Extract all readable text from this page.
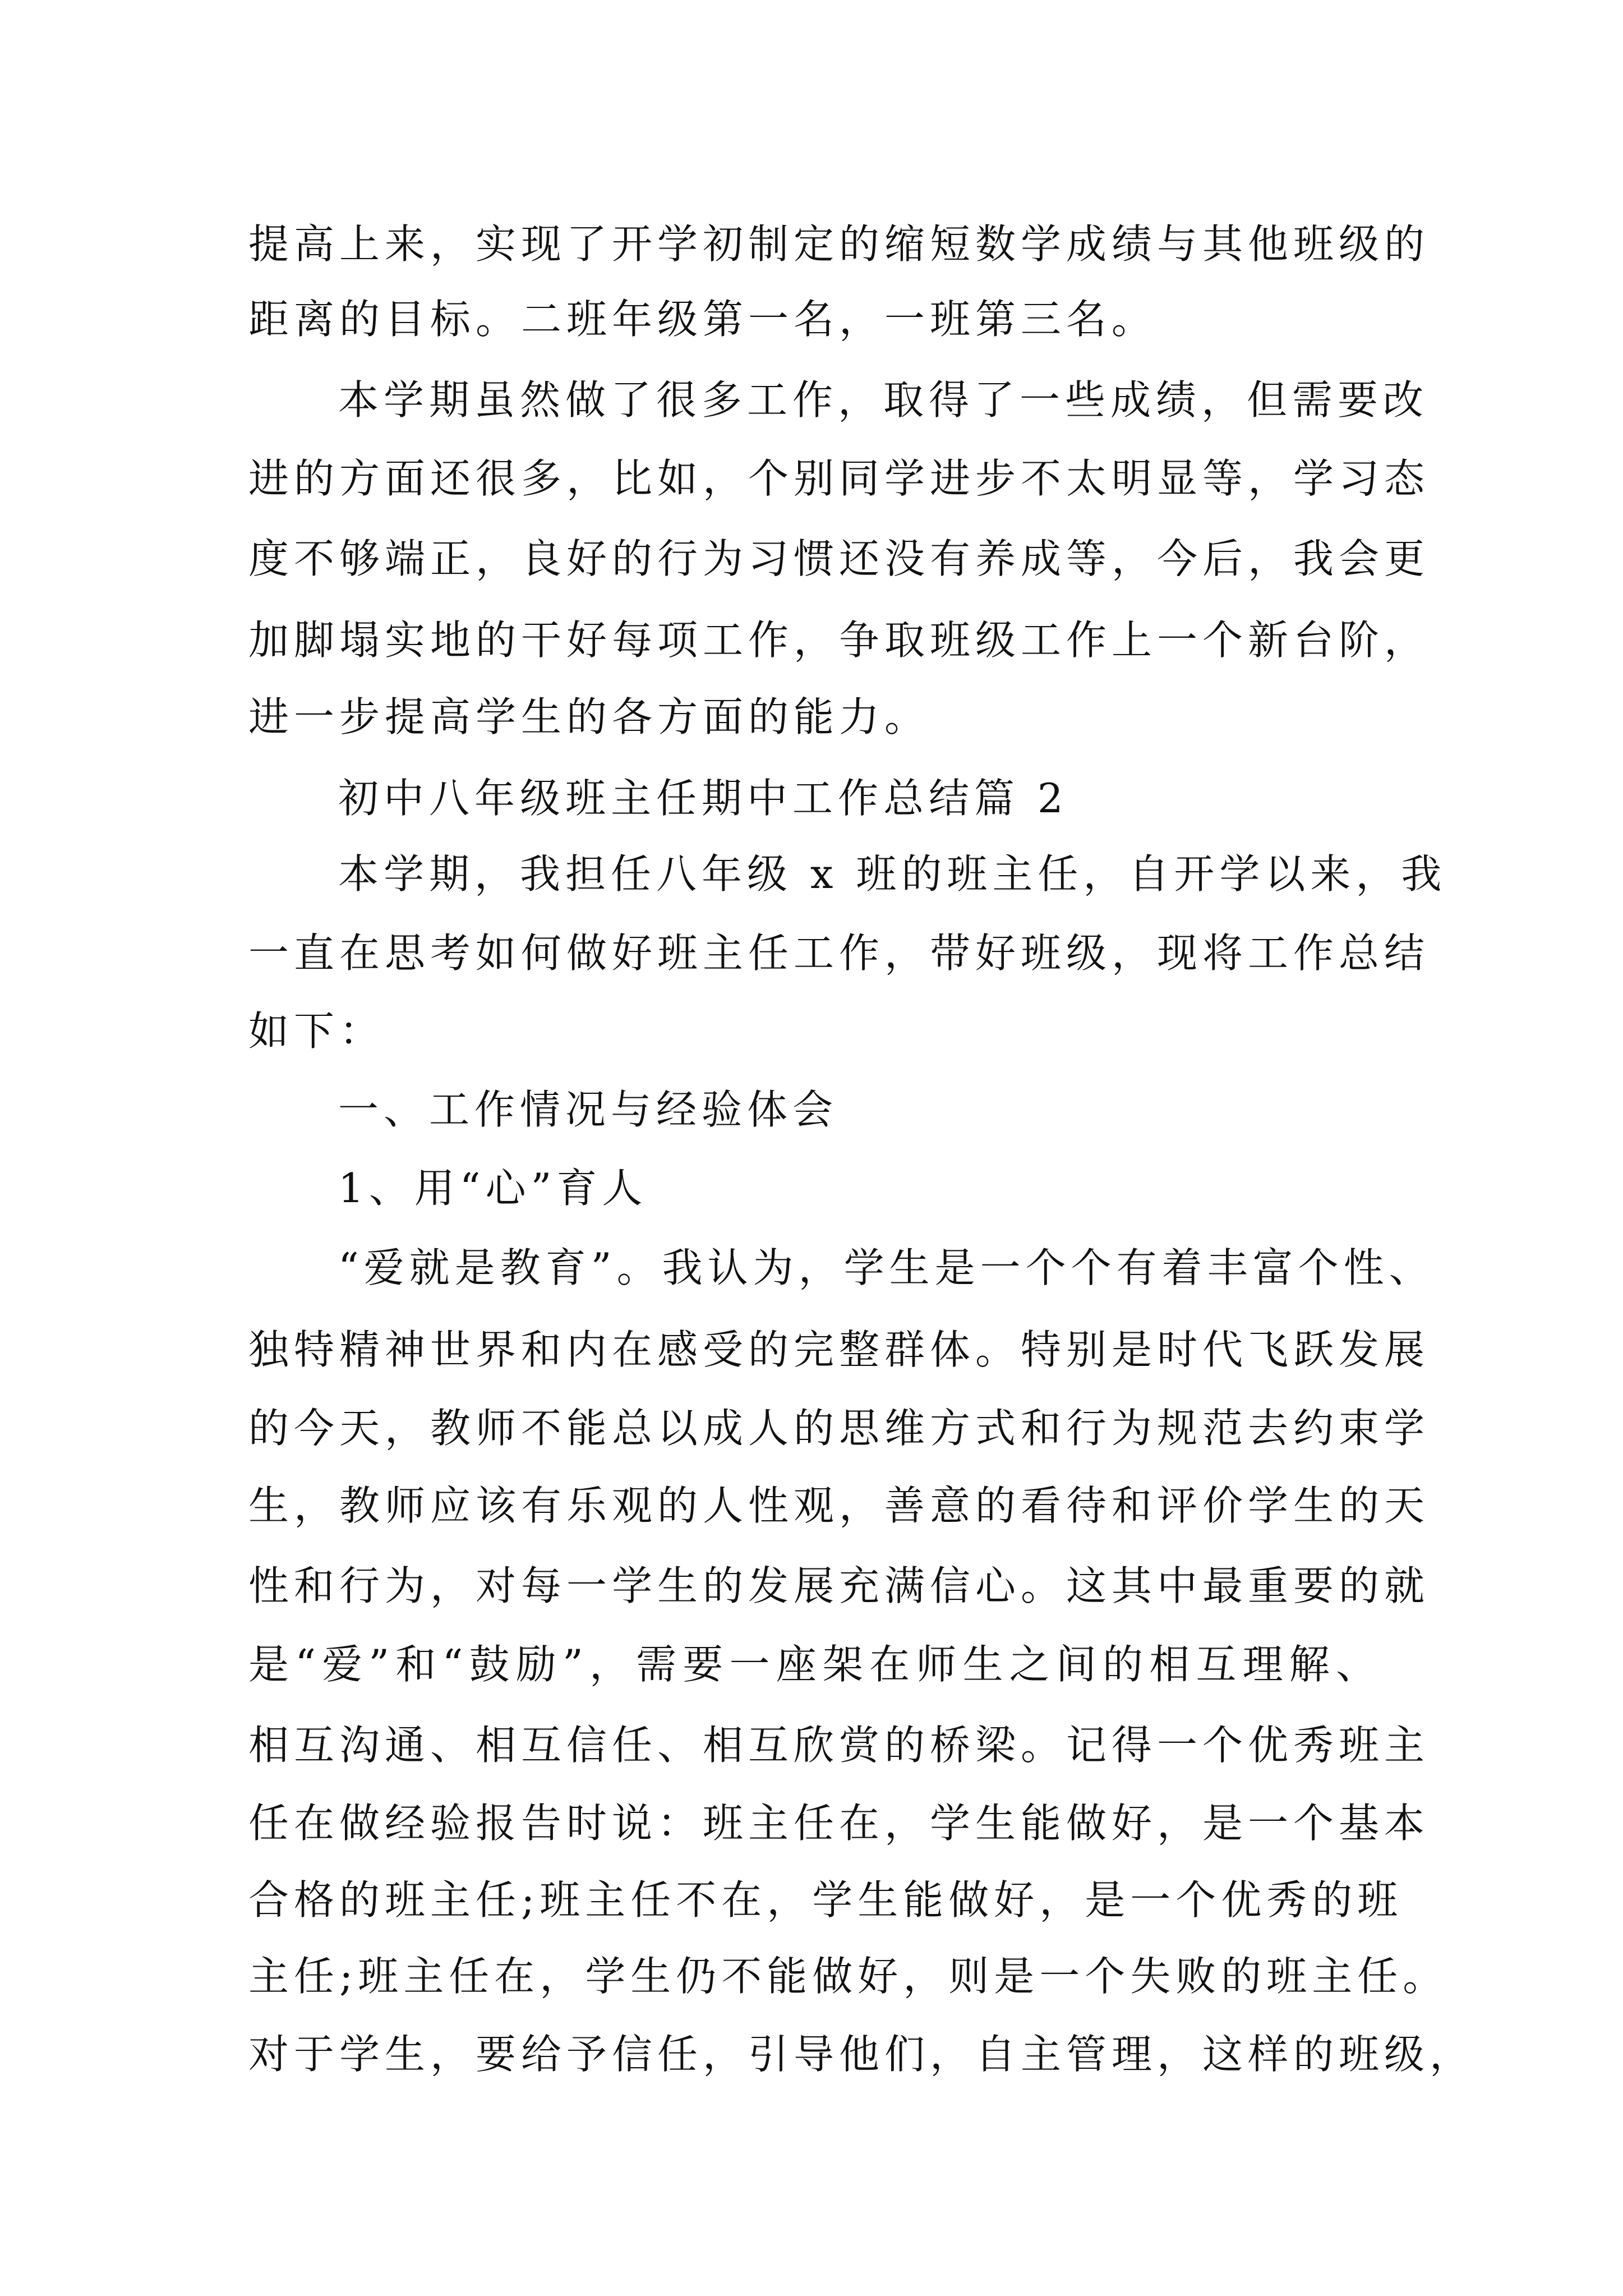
提高上来，实现了开学初制定的缩短数学成绩与其他班级的
距离的目标。二班年级第一名，一班第三名。
本学期虽然做了很多工作，取得了一些成绩，但需要改
进的方面还很多，比如，个别同学进步不太明显等，学习态
度不够端正，良好的行为习惯还没有养成等，今后，我会更
加脚塌实地的干好每项工作，争取班级工作上一个新台阶，
进一步提高学生的各方面的能力。
初中八年级班主任期中工作总结篇 2
本学期，我担任八年级 x 班的班主任，自开学以来，我
一直在思考如何做好班主任工作，带好班级，现将工作总结
如下：
一、工作情况与经验体会
1、用“心”育人
“爱就是教育”。我认为，学生是一个个有着丰富个性、
独特精神世界和内在感受的完整群体。特别是时代飞跃发展
的今天，教师不能总以成人的思维方式和行为规范去约束学
生，教师应该有乐观的人性观，善意的看待和评价学生的天
性和行为，对每一学生的发展充满信心。这其中最重要的就
是“爱”和“鼓励”，需要一座架在师生之间的相互理解、
相互沟通、相互信任、相互欣赏的桥梁。记得一个优秀班主
任在做经验报告时说：班主任在，学生能做好，是一个基本
合格的班主任;班主任不在，学生能做好，是一个优秀的班
主任;班主任在，学生仍不能做好，则是一个失败的班主任。
对于学生，要给予信任，引导他们，自主管理，这样的班级，
